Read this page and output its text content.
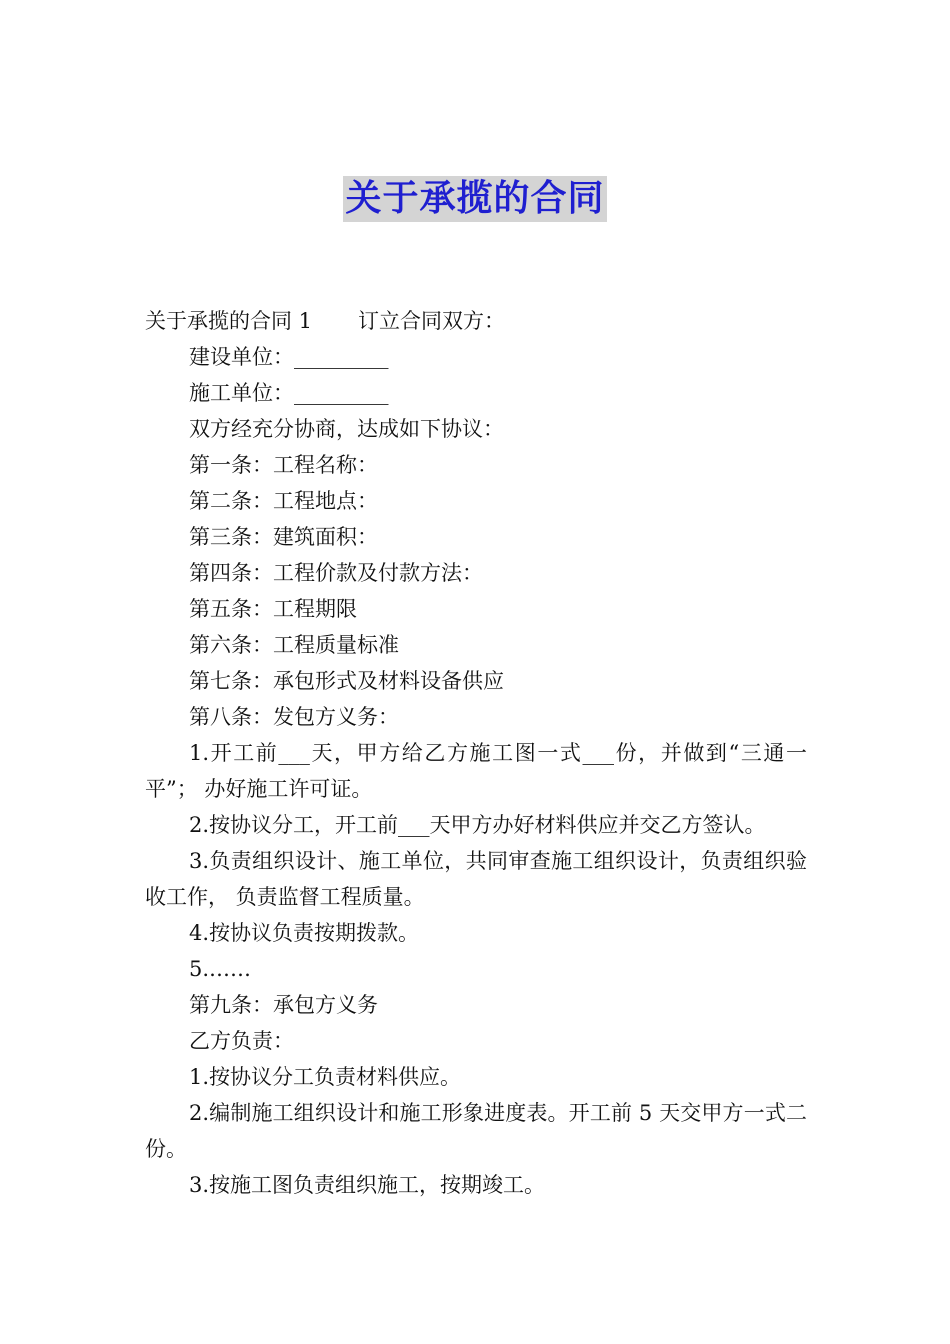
关于承揽的合同

关于承揽的合同 1 订立合同双方：

建设单位：_________

施工单位：_________

双方经充分协商，达成如下协议：

第一条：工程名称：

第二条：工程地点：

第三条：建筑面积：

第四条：工程价款及付款方法：

第五条：工程期限

第六条：工程质量标准

第七条：承包形式及材料设备供应

第八条：发包方义务：

1.开工前___天，甲方给乙方施工图一式___份，并做到“三通一平”； 办好施工许可证。

2.按协议分工，开工前___天甲方办好材料供应并交乙方签认。

3.负责组织设计、施工单位，共同审查施工组织设计，负责组织验收工作， 负责监督工程质量。

4.按协议负责按期拨款。

5.……

第九条：承包方义务

乙方负责：

1.按协议分工负责材料供应。

2.编制施工组织设计和施工形象进度表。开工前 5 天交甲方一式二份。

3.按施工图负责组织施工，按期竣工。
